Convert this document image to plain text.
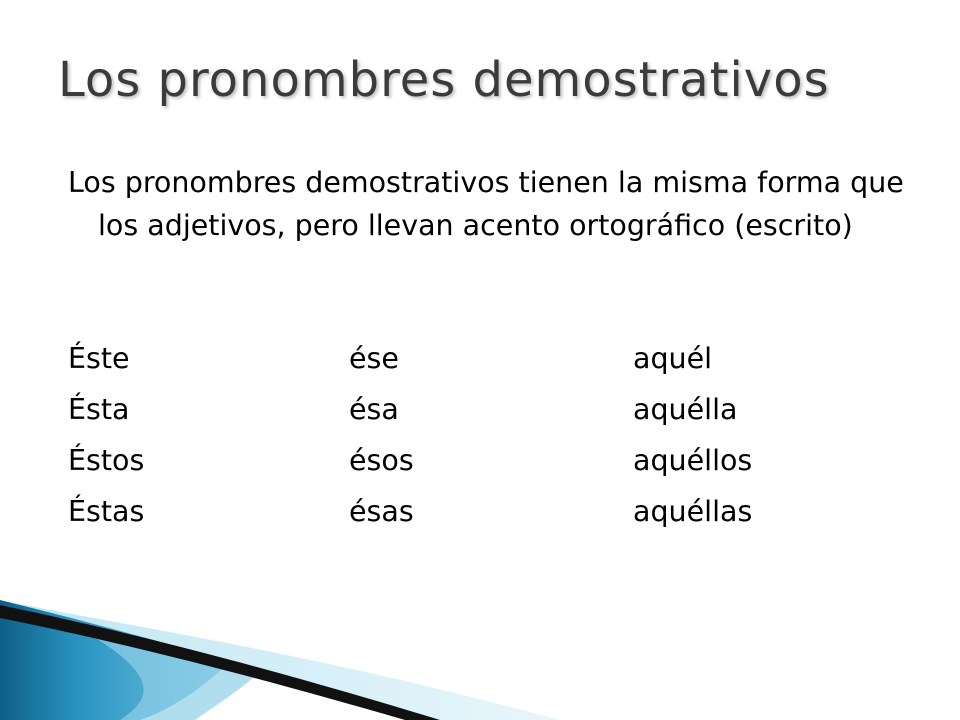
Los pronombres demostrativos

Los pronombres demostrativos tienen la misma forma que los adjetivos, pero llevan acento ortográfico (escrito)

Éste	ése	aquél
Ésta	ésa	aquélla
Éstos	ésos	aquéllos
Éstas	ésas	aquéllas
